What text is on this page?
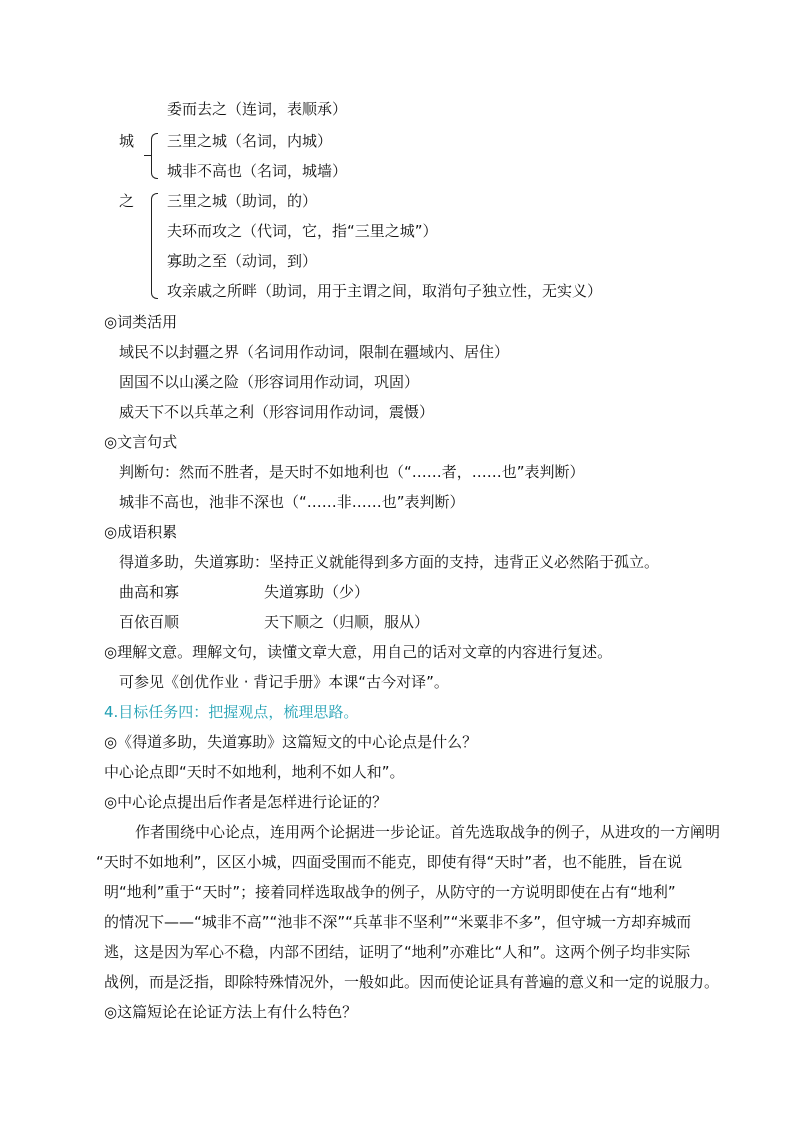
委而去之（连词，表顺承）
城 三里之城（名词，内城）
城非不高也（名词，城墙）
之 三里之城（助词，的）
夫环而攻之（代词，它，指“三里之城”）
寡助之至（动词，到）
攻亲戚之所畔（助词，用于主谓之间，取消句子独立性，无实义）
◎词类活用
域民不以封疆之界（名词用作动词，限制在疆域内、居住）
固国不以山溪之险（形容词用作动词，巩固）
威天下不以兵革之利（形容词用作动词，震慑）
◎文言句式
判断句：然而不胜者，是天时不如地利也（“……者，……也”表判断）
城非不高也，池非不深也（“……非……也”表判断）
◎成语积累
得道多助，失道寡助：坚持正义就能得到多方面的支持，违背正义必然陷于孤立。
曲高和寡	失道寡助（少）
百依百顺	天下顺之（归顺，服从）
◎理解文意。理解文句，读懂文章大意，用自己的话对文章的内容进行复述。
可参见《创优作业 · 背记手册》本课“古今对译”。
4.目标任务四：把握观点，梳理思路。
◎《得道多助，失道寡助》这篇短文的中心论点是什么？
中心论点即“天时不如地利，地利不如人和”。
◎中心论点提出后作者是怎样进行论证的？
作者围绕中心论点，连用两个论据进一步论证。首先选取战争的例子，从进攻的一方阐明
“天时不如地利”，区区小城，四面受围而不能克，即使有得“天时”者，也不能胜，旨在说
明“地利”重于“天时”；接着同样选取战争的例子，从防守的一方说明即使在占有“地利”
的情况下——“城非不高”“池非不深”“兵革非不坚利”“米粟非不多”，但守城一方却弃城而
逃，这是因为军心不稳，内部不团结，证明了“地利”亦难比“人和”。这两个例子均非实际
战例，而是泛指，即除特殊情况外，一般如此。因而使论证具有普遍的意义和一定的说服力。
◎这篇短论在论证方法上有什么特色？
